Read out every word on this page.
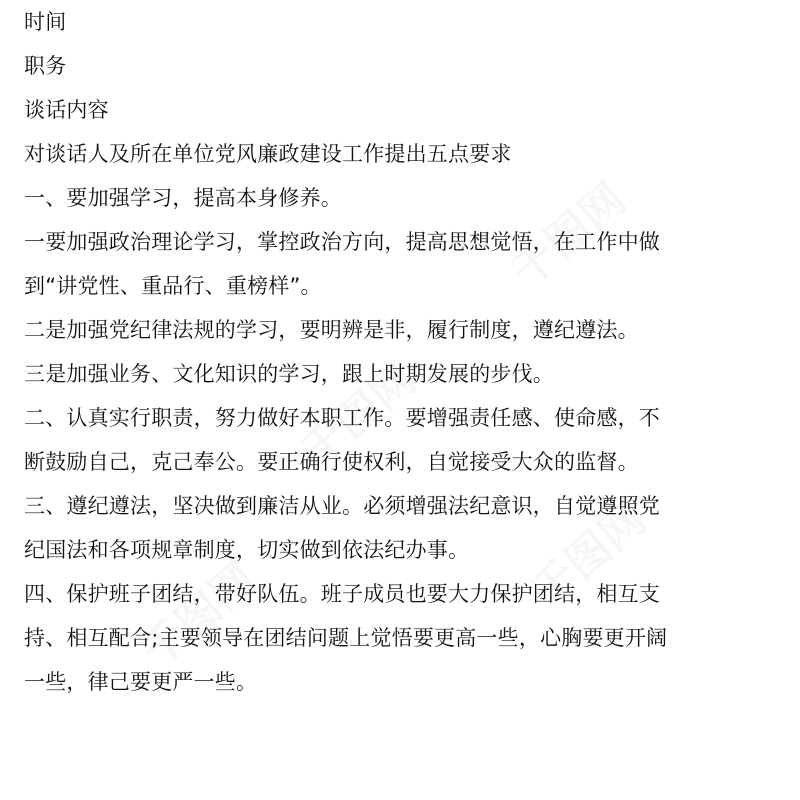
时间
职务
谈话内容
对谈话人及所在单位党风廉政建设工作提出五点要求
一、要加强学习，提高本身修养。
一要加强政治理论学习，掌控政治方向，提高思想觉悟，在工作中做
到“讲党性、重品行、重榜样”。
二是加强党纪律法规的学习，要明辨是非，履行制度，遵纪遵法。
三是加强业务、文化知识的学习，跟上时期发展的步伐。
二、认真实行职责，努力做好本职工作。要增强责任感、使命感，不
断鼓励自己，克己奉公。要正确行使权利，自觉接受大众的监督。
三、遵纪遵法，坚决做到廉洁从业。必须增强法纪意识，自觉遵照党
纪国法和各项规章制度，切实做到依法纪办事。
四、保护班子团结，带好队伍。班子成员也要大力保护团结，相互支
持、相互配合;主要领导在团结问题上觉悟要更高一些，心胸要更开阔
一些，律己要更严一些。
